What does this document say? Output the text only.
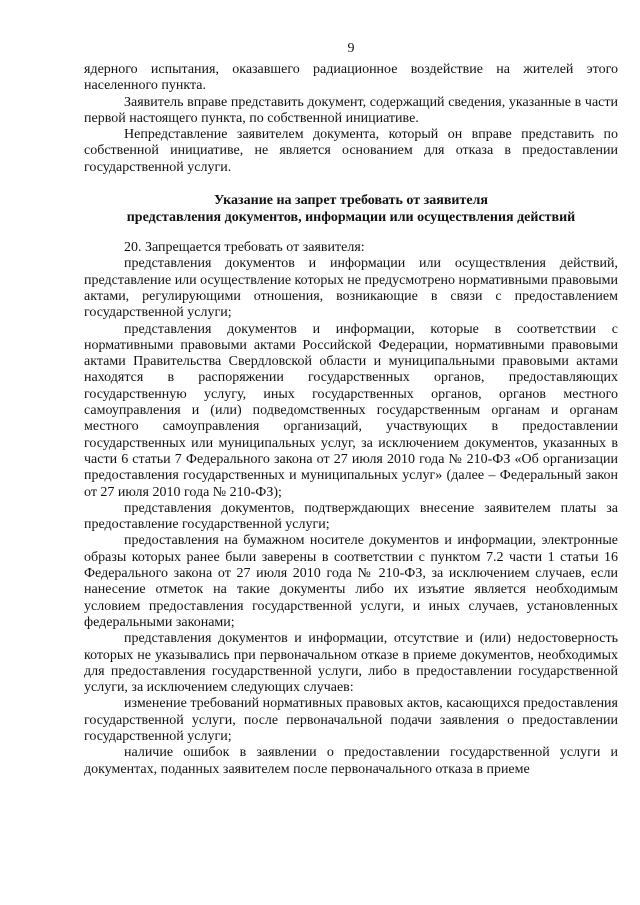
9

ядерного испытания, оказавшего радиационное воздействие на жителей этого населенного пункта.

Заявитель вправе представить документ, содержащий сведения, указанные в части первой настоящего пункта, по собственной инициативе.

Непредставление заявителем документа, который он вправе представить по собственной инициативе, не является основанием для отказа в предоставлении государственной услуги.

Указание на запрет требовать от заявителя
представления документов, информации или осуществления действий

20. Запрещается требовать от заявителя:

представления документов и информации или осуществления действий, представление или осуществление которых не предусмотрено нормативными правовыми актами, регулирующими отношения, возникающие в связи с предоставлением государственной услуги;

представления документов и информации, которые в соответствии с нормативными правовыми актами Российской Федерации, нормативными правовыми актами Правительства Свердловской области и муниципальными правовыми актами находятся в распоряжении государственных органов, предоставляющих государственную услугу, иных государственных органов, органов местного самоуправления и (или) подведомственных государственным органам и органам местного самоуправления организаций, участвующих в предоставлении государственных или муниципальных услуг, за исключением документов, указанных в части 6 статьи 7 Федерального закона от 27 июля 2010 года № 210-ФЗ «Об организации предоставления государственных и муниципальных услуг» (далее – Федеральный закон от 27 июля 2010 года № 210-ФЗ);

представления документов, подтверждающих внесение заявителем платы за предоставление государственной услуги;

предоставления на бумажном носителе документов и информации, электронные образы которых ранее были заверены в соответствии с пунктом 7.2 части 1 статьи 16 Федерального закона от 27 июля 2010 года № 210-ФЗ, за исключением случаев, если нанесение отметок на такие документы либо их изъятие является необходимым условием предоставления государственной услуги, и иных случаев, установленных федеральными законами;

представления документов и информации, отсутствие и (или) недостоверность которых не указывались при первоначальном отказе в приеме документов, необходимых для предоставления государственной услуги, либо в предоставлении государственной услуги, за исключением следующих случаев:

изменение требований нормативных правовых актов, касающихся предоставления государственной услуги, после первоначальной подачи заявления о предоставлении государственной услуги;

наличие ошибок в заявлении о предоставлении государственной услуги и документах, поданных заявителем после первоначального отказа в приеме
